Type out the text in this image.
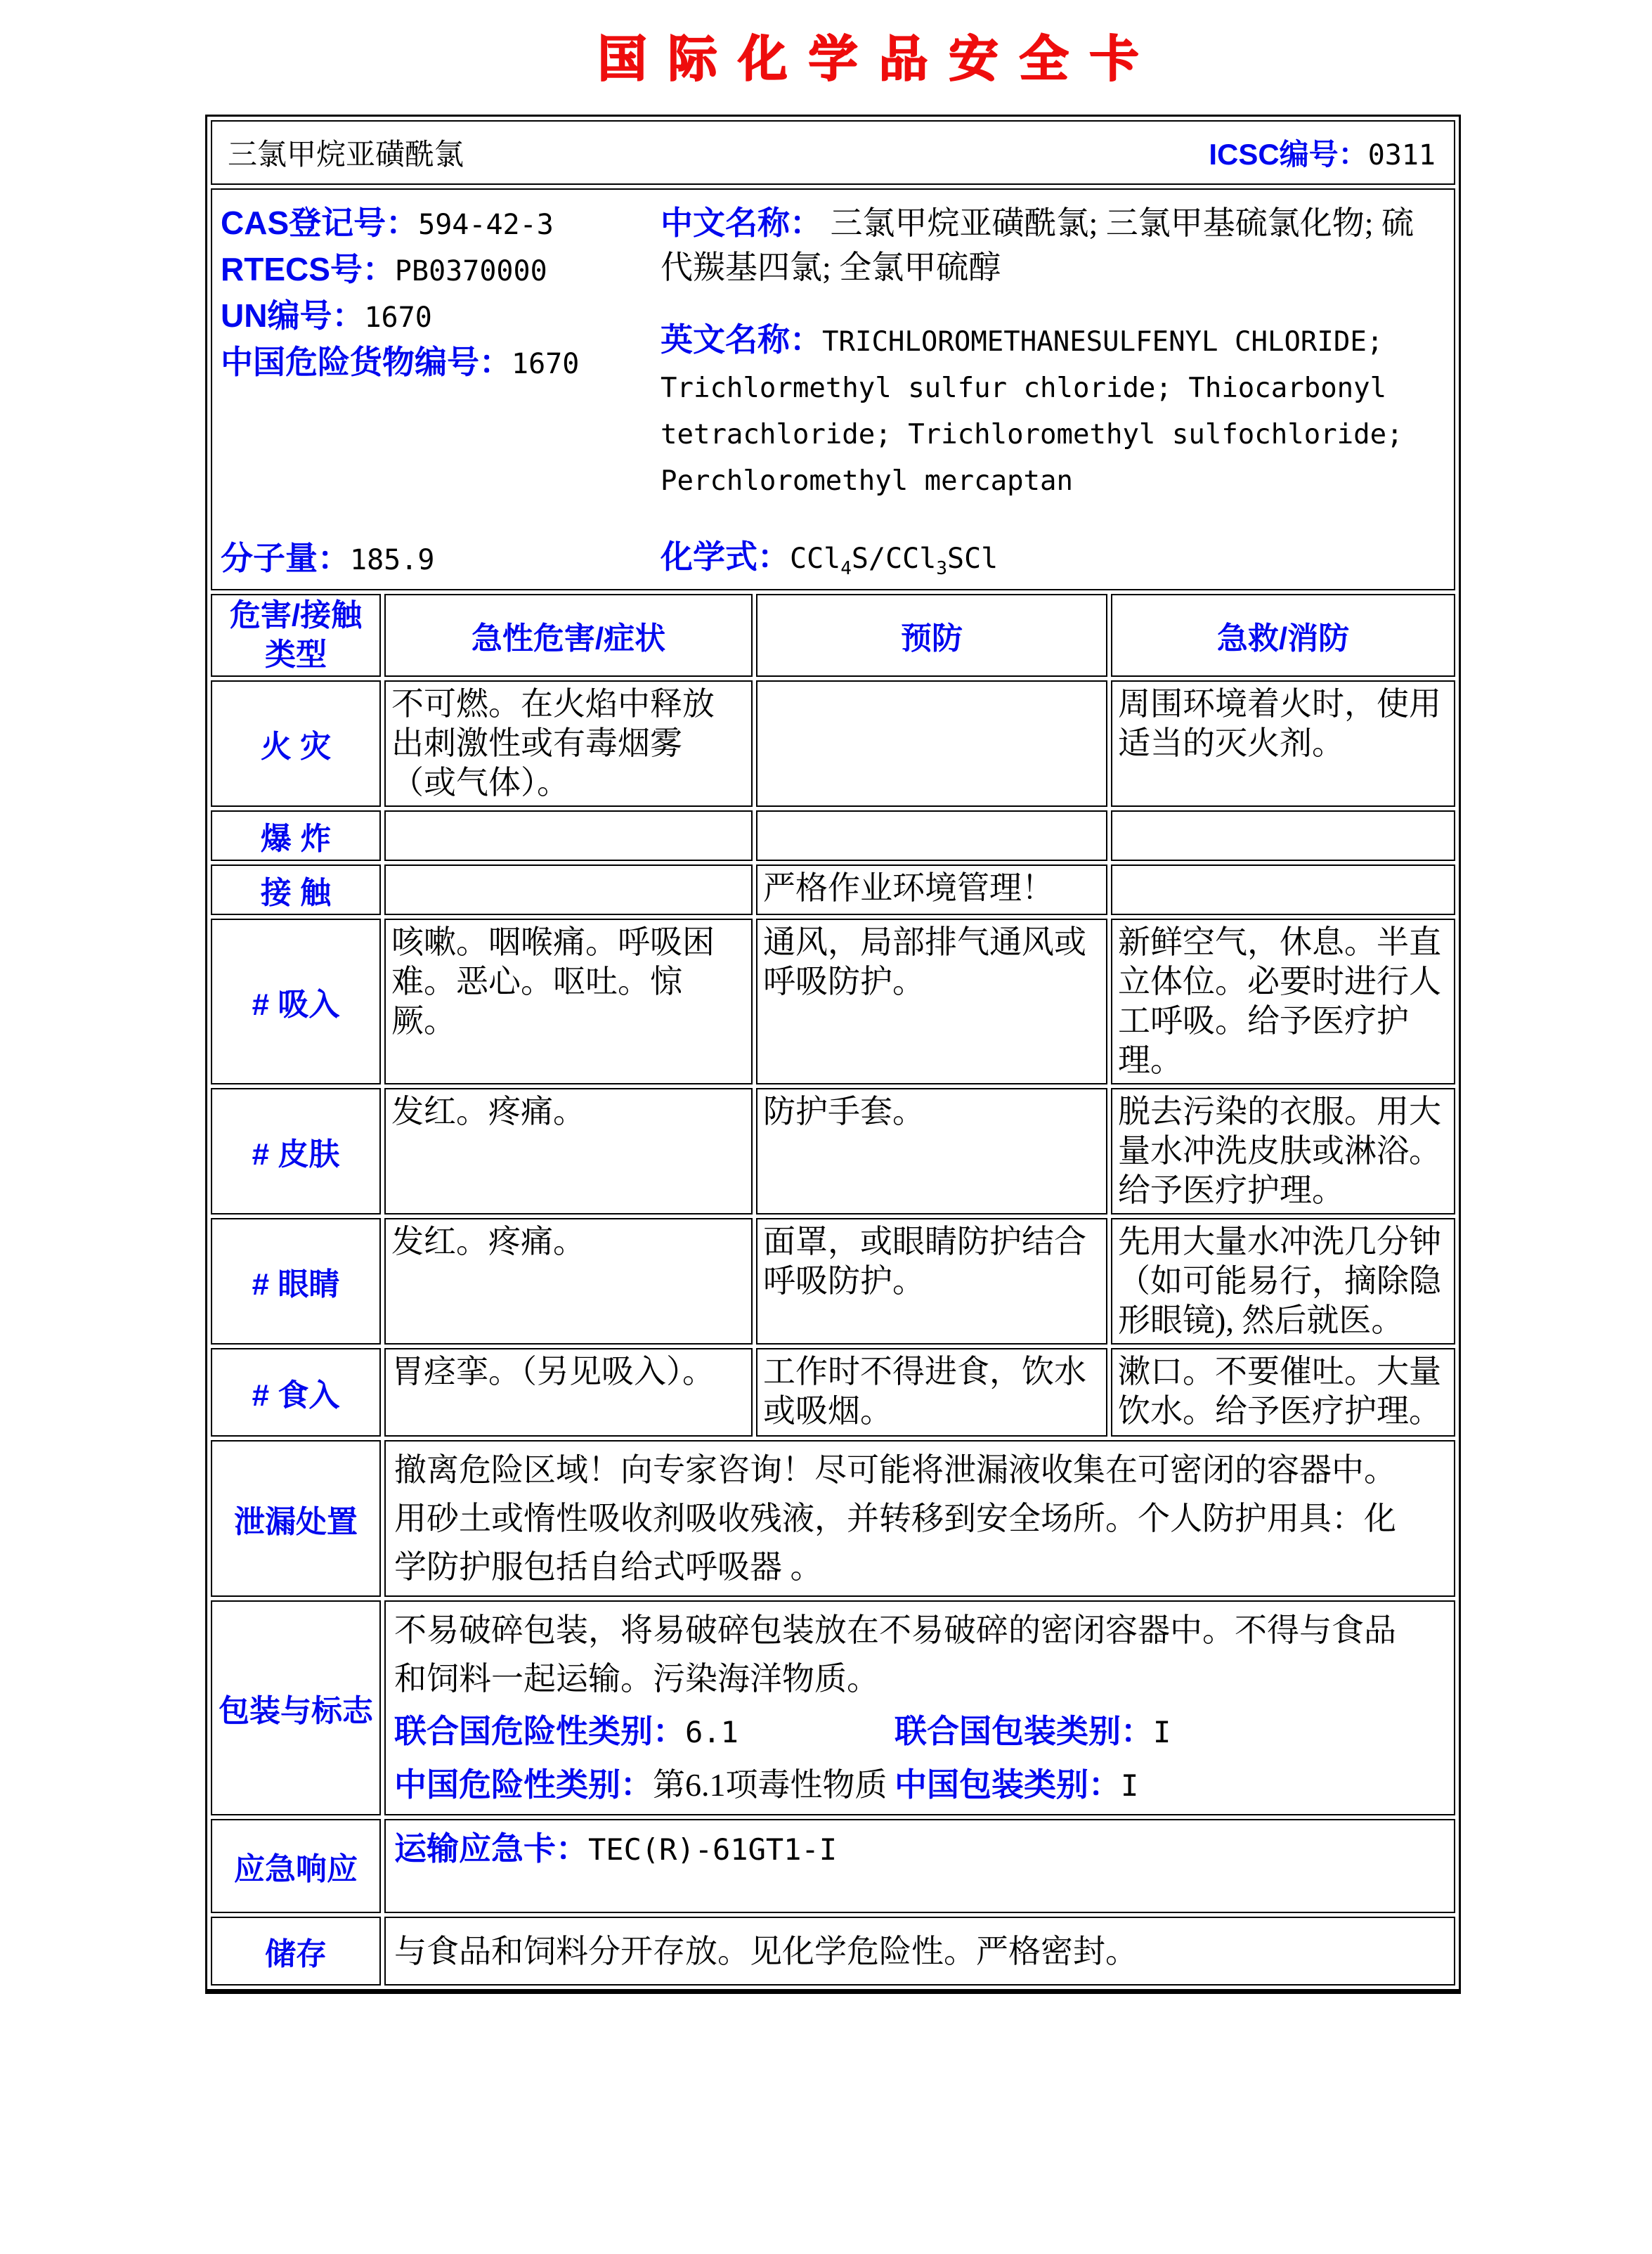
国际化学品安全卡
三氯甲烷亚磺酰氯 ICSC编号：0311			

CAS登记号：594-42-3
RTECS号：PB0370000
UN编号：1670
中国危险货物编号：1670
分子量：185.9
中文名称： 三氯甲烷亚磺酰氯; 三氯甲基硫氯化物; 硫代羰基四氯; 全氯甲硫醇
英文名称：TRICHLOROMETHANESULFENYL CHLORIDE; Trichlormethyl sulfur chloride; Thiocarbonyl tetrachloride; Trichloromethyl sulfochloride; Perchloromethyl mercaptan
化学式：CCl$_4$S/CCl$_3$SCl

危害/接触
类型	急性危害/症状	预防	急救/消防
火 灾	不可燃。在火焰中释放出刺激性或有毒烟雾（或气体）。		周围环境着火时，使用适当的灭火剂。
爆 炸			
接 触		严格作业环境管理！	
# 吸入	咳嗽。咽喉痛。呼吸困难。恶心。呕吐。惊厥。	通风，局部排气通风或呼吸防护。	新鲜空气，休息。半直立体位。必要时进行人工呼吸。给予医疗护理。
# 皮肤	发红。疼痛。	防护手套。	脱去污染的衣服。用大量水冲洗皮肤或淋浴。给予医疗护理。
# 眼睛	发红。疼痛。	面罩，或眼睛防护结合呼吸防护。	先用大量水冲洗几分钟（如可能易行，摘除隐形眼镜), 然后就医。
# 食入	胃痉挛。（另见吸入）。	工作时不得进食，饮水或吸烟。	漱口。不要催吐。大量饮水。给予医疗护理。
泄漏处置	撤离危险区域！向专家咨询！尽可能将泄漏液收集在可密闭的容器中。用砂土或惰性吸收剂吸收残液，并转移到安全场所。个人防护用具：化学防护服包括自给式呼吸器 。		
包装与标志	不易破碎包装，将易破碎包装放在不易破碎的密闭容器中。不得与食品和饲料一起运输。污染海洋物质。
联合国危险性类别：6.1 联合国包装类别：I
中国危险性类别：第6.1项毒性物质 中国包装类别：I		

应急响应	运输应急卡：TEC(R)-61GT1-I		
储存	与食品和饲料分开存放。见化学危险性。严格密封。		
